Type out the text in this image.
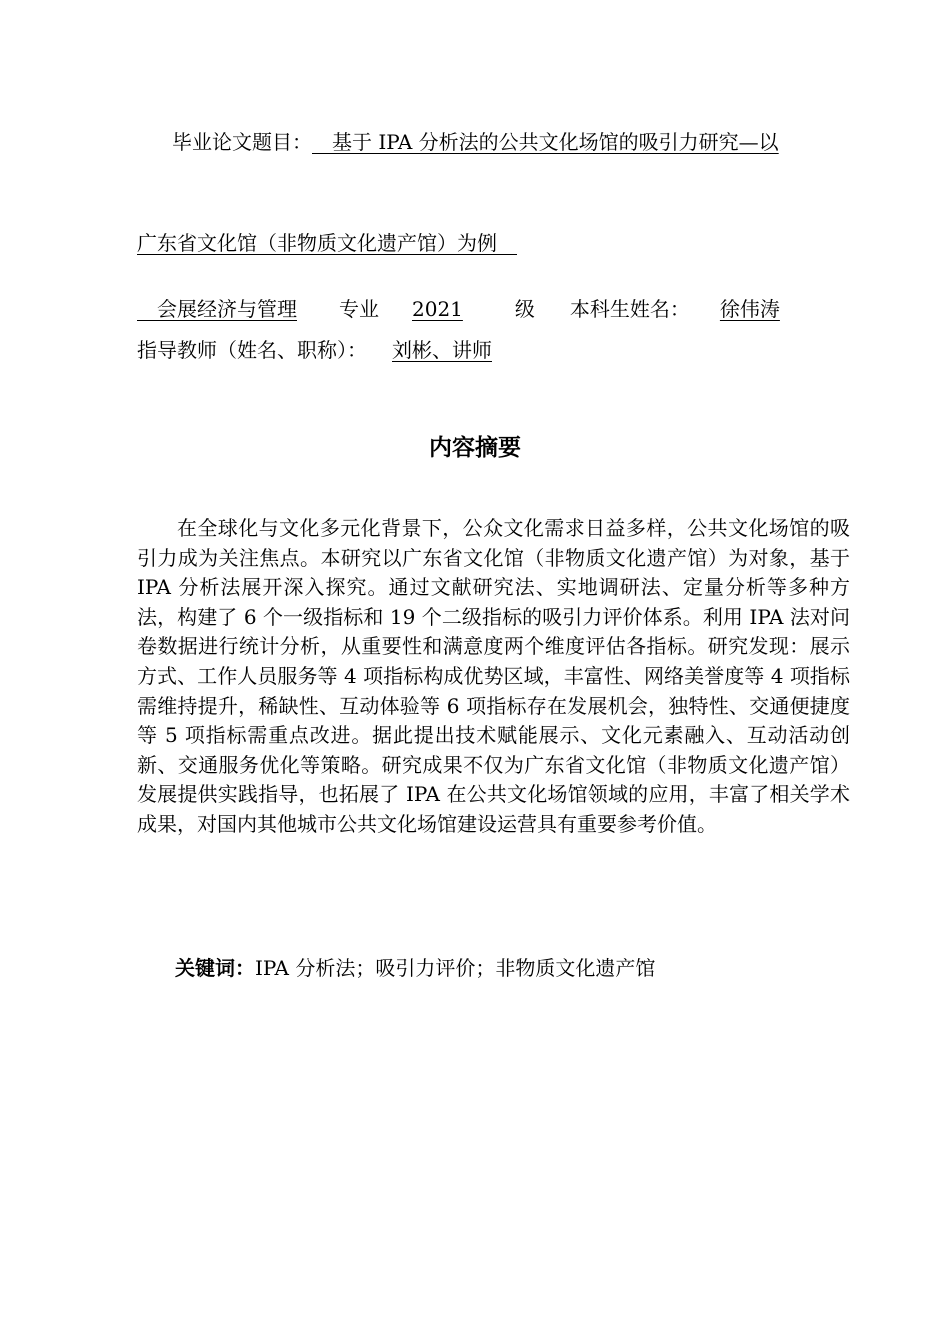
毕业论文题目：  基于 IPA 分析法的公共文化场馆的吸引力研究—以
广东省文化馆（非物质文化遗产馆）为例 
 会展经济与管理 专业 2021	级 本科生姓名： 徐伟涛
指导教师（姓名、职称）： 刘彬、讲师
内容摘要

在全球化与文化多元化背景下，公众文化需求日益多样，公共文化场馆的吸引力成为关注焦点。本研究以广东省文化馆（非物质文化遗产馆）为对象，基于 IPA 分析法展开深入探究。通过文献研究法、实地调研法、定量分析等多种方法，构建了 6 个一级指标和 19 个二级指标的吸引力评价体系。利用 IPA 法对问卷数据进行统计分析，从重要性和满意度两个维度评估各指标。研究发现：展示方式、工作人员服务等 4 项指标构成优势区域，丰富性、网络美誉度等 4 项指标需维持提升，稀缺性、互动体验等 6 项指标存在发展机会，独特性、交通便捷度等 5 项指标需重点改进。据此提出技术赋能展示、文化元素融入、互动活动创新、交通服务优化等策略。研究成果不仅为广东省文化馆（非物质文化遗产馆）发展提供实践指导，也拓展了 IPA 在公共文化场馆领域的应用，丰富了相关学术成果，对国内其他城市公共文化场馆建设运营具有重要参考价值。

关键词：IPA 分析法；吸引力评价；非物质文化遗产馆
